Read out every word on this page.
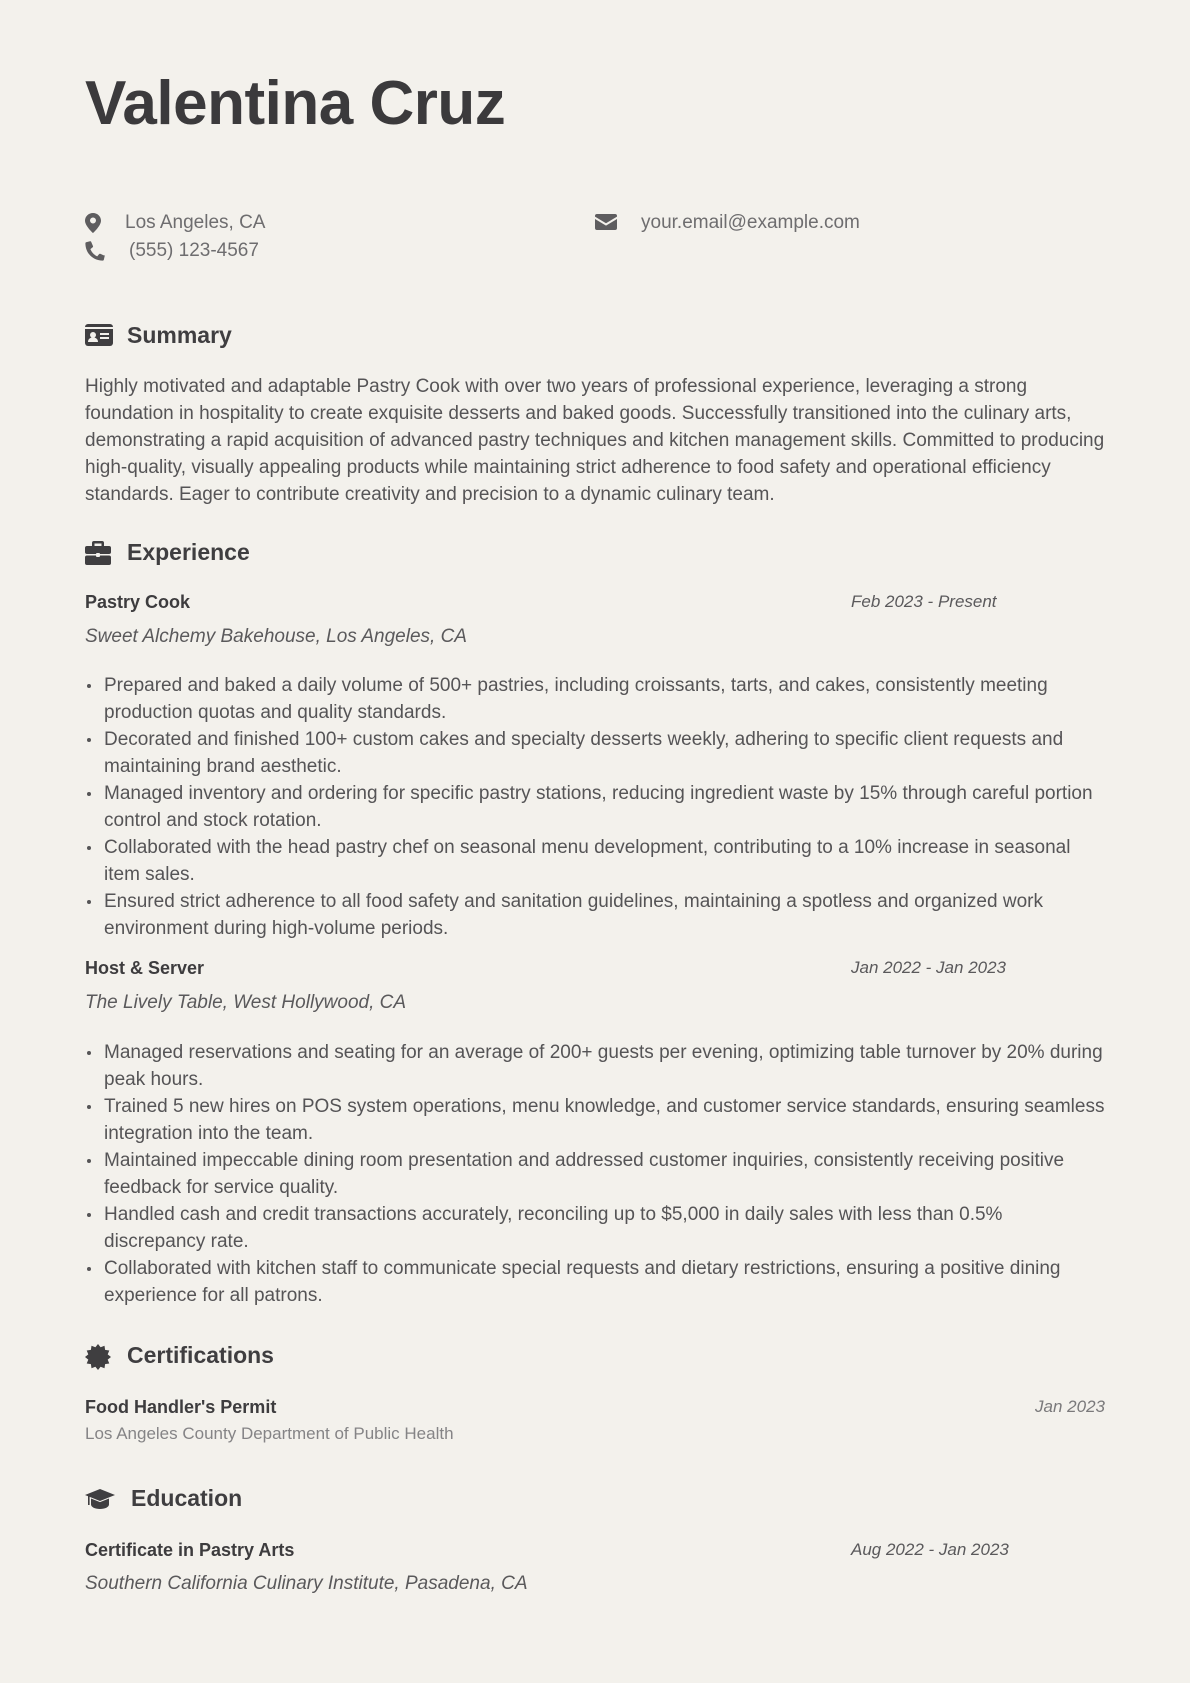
Valentina Cruz
Los Angeles, CA
(555) 123-4567
your.email@example.com
Summary

Highly motivated and adaptable Pastry Cook with over two years of professional experience, leveraging a strong foundation in hospitality to create exquisite desserts and baked goods. Successfully transitioned into the culinary arts, demonstrating a rapid acquisition of advanced pastry techniques and kitchen management skills. Committed to producing high-quality, visually appealing products while maintaining strict adherence to food safety and operational efficiency standards. Eager to contribute creativity and precision to a dynamic culinary team.

Experience
Pastry Cook	Feb 2023 - Present
Sweet Alchemy Bakehouse, Los Angeles, CA
Prepared and baked a daily volume of 500+ pastries, including croissants, tarts, and cakes, consistently meeting production quotas and quality standards.
Decorated and finished 100+ custom cakes and specialty desserts weekly, adhering to specific client requests and maintaining brand aesthetic.
Managed inventory and ordering for specific pastry stations, reducing ingredient waste by 15% through careful portion control and stock rotation.
Collaborated with the head pastry chef on seasonal menu development, contributing to a 10% increase in seasonal item sales.
Ensured strict adherence to all food safety and sanitation guidelines, maintaining a spotless and organized work environment during high-volume periods.
Host & Server	Jan 2022 - Jan 2023
The Lively Table, West Hollywood, CA
Managed reservations and seating for an average of 200+ guests per evening, optimizing table turnover by 20% during peak hours.
Trained 5 new hires on POS system operations, menu knowledge, and customer service standards, ensuring seamless integration into the team.
Maintained impeccable dining room presentation and addressed customer inquiries, consistently receiving positive feedback for service quality.
Handled cash and credit transactions accurately, reconciling up to $5,000 in daily sales with less than 0.5% discrepancy rate.
Collaborated with kitchen staff to communicate special requests and dietary restrictions, ensuring a positive dining experience for all patrons.
Certifications
Food Handler's Permit	Jan 2023
Los Angeles County Department of Public Health
Education
Certificate in Pastry Arts	Aug 2022 - Jan 2023
Southern California Culinary Institute, Pasadena, CA
